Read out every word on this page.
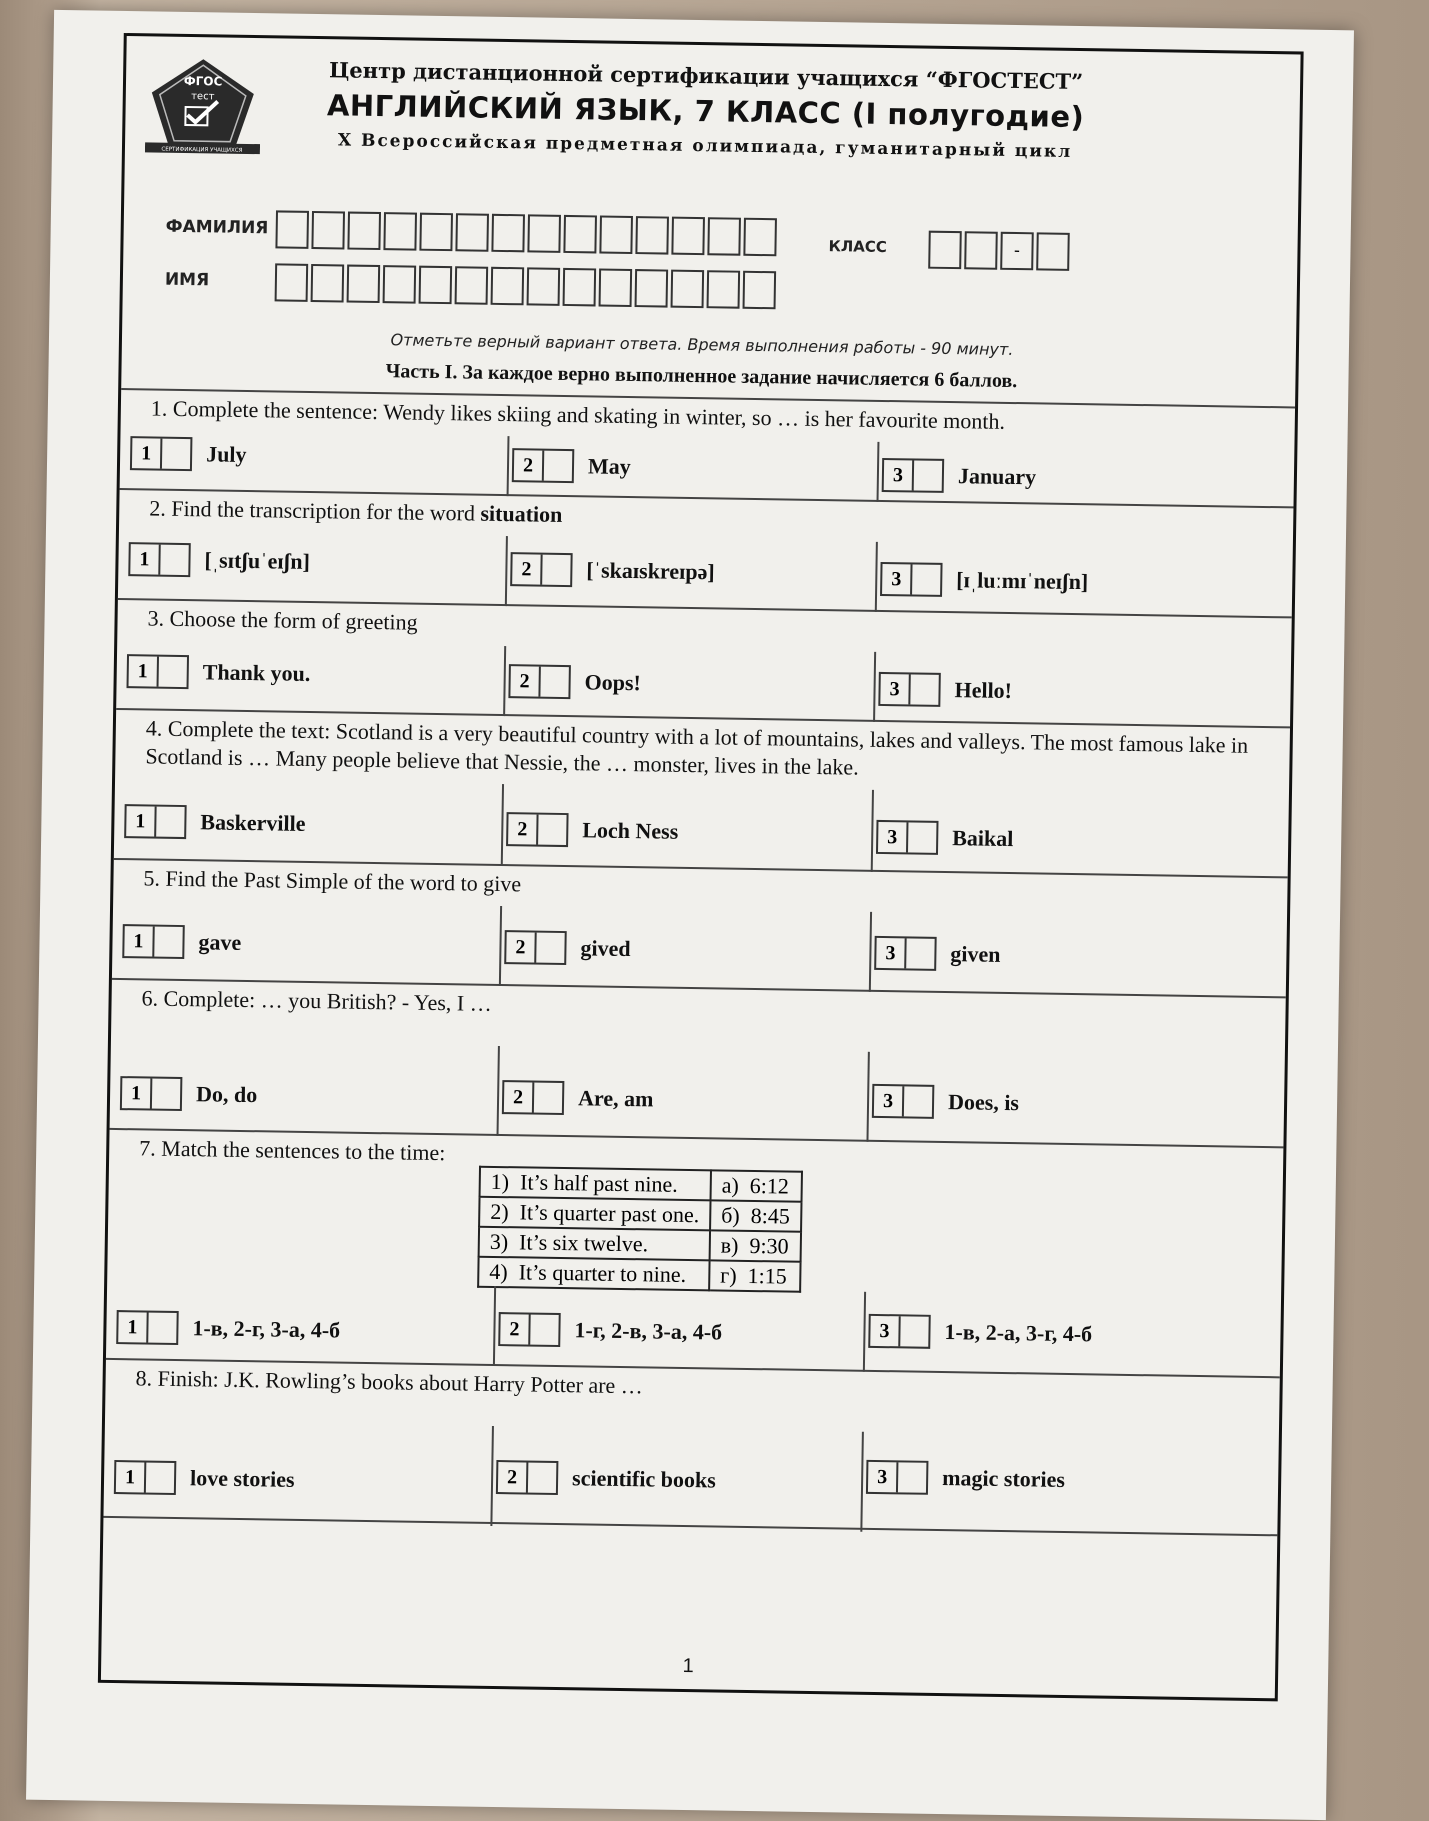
ФГОС
тест
СЕРТИФИКАЦИЯ УЧАЩИХСЯ
Центр дистанционной сертификации учащихся “ФГОСТЕСТ”
АНГЛИЙСКИЙ ЯЗЫК, 7 КЛАСС (I полугодие)
X Всероссийская предметная олимпиада, гуманитарный цикл
ФАМИЛИЯ
ИМЯ
КЛАСС	-
Отметьте верный вариант ответа. Время выполнения работы - 90 минут.
Часть I. За каждое верно выполненное задание начисляется 6 баллов.
1. Complete the sentence: Wendy likes skiing and skating in winter, so … is her favourite month.
1	July	2	May	3	January
2. Find the transcription for the word situation
1	[ˌsɪtʃuˈeɪʃn]	2	[ˈskaɪskreɪpə]	3	[ɪˌluːmɪˈneɪʃn]
3. Choose the form of greeting
1	Thank you.	2	Oops!	3	Hello!
4. Complete the text: Scotland is a very beautiful country with a lot of mountains, lakes and valleys. The most famous lake in Scotland is … Many people believe that Nessie, the … monster, lives in the lake.
1	Baskerville	2	Loch Ness	3	Baikal
5. Find the Past Simple of the word to give
1	gave	2	gived	3	given
6. Complete: … you British? - Yes, I …
1	Do, do	2	Are, am	3	Does, is
7. Match the sentences to the time:
1) It’s half past nine.	а) 6:12
2) It’s quarter past one.	б) 8:45
3) It’s six twelve.	в) 9:30
4) It’s quarter to nine.	г) 1:15
1	1-в, 2-г, 3-а, 4-б	2	1-г, 2-в, 3-а, 4-б	3	1-в, 2-а, 3-г, 4-б
8. Finish: J.K. Rowling’s books about Harry Potter are …
1	love stories	2	scientific books	3	magic stories
1
